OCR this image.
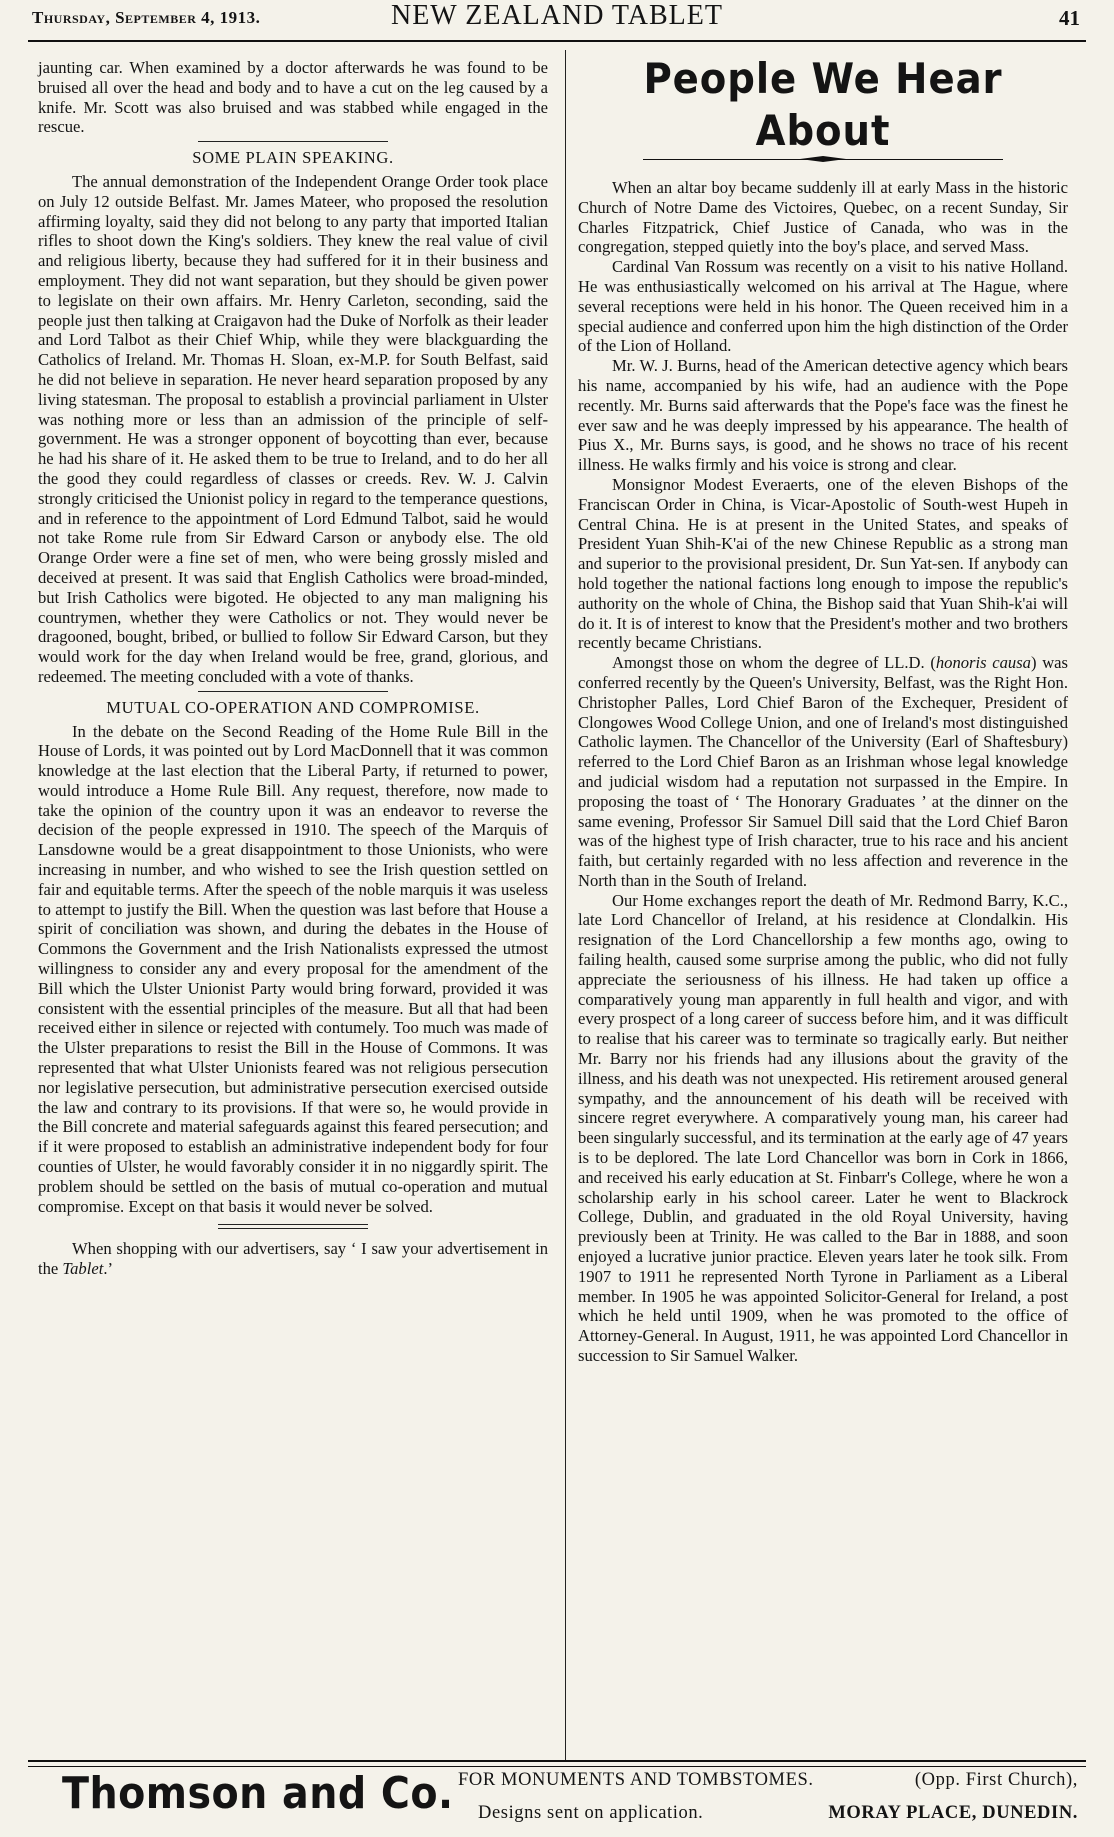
Thursday, September 4, 1913.	NEW ZEALAND TABLET	41

jaunting car. When examined by a doctor afterwards he was found to be bruised all over the head and body and to have a cut on the leg caused by a knife. Mr. Scott was also bruised and was stabbed while engaged in the rescue.

SOME PLAIN SPEAKING.

The annual demonstration of the Independent Orange Order took place on July 12 outside Belfast. Mr. James Mateer, who proposed the resolution affirming loyalty, said they did not belong to any party that imported Italian rifles to shoot down the King's soldiers. They knew the real value of civil and religious liberty, because they had suffered for it in their business and employment. They did not want separation, but they should be given power to legislate on their own affairs. Mr. Henry Carleton, seconding, said the people just then talking at Craigavon had the Duke of Norfolk as their leader and Lord Talbot as their Chief Whip, while they were blackguarding the Catholics of Ireland. Mr. Thomas H. Sloan, ex-M.P. for South Belfast, said he did not believe in separation. He never heard separation proposed by any living statesman. The proposal to establish a provincial parliament in Ulster was nothing more or less than an admission of the principle of self-government. He was a stronger opponent of boycotting than ever, because he had his share of it. He asked them to be true to Ireland, and to do her all the good they could regardless of classes or creeds. Rev. W. J. Calvin strongly criticised the Unionist policy in regard to the temperance questions, and in reference to the appointment of Lord Edmund Talbot, said he would not take Rome rule from Sir Edward Carson or anybody else. The old Orange Order were a fine set of men, who were being grossly misled and deceived at present. It was said that English Catholics were broad-minded, but Irish Catholics were bigoted. He objected to any man maligning his countrymen, whether they were Catholics or not. They would never be dragooned, bought, bribed, or bullied to follow Sir Edward Carson, but they would work for the day when Ireland would be free, grand, glorious, and redeemed. The meeting concluded with a vote of thanks.

MUTUAL CO-OPERATION AND COMPROMISE.

In the debate on the Second Reading of the Home Rule Bill in the House of Lords, it was pointed out by Lord MacDonnell that it was common knowledge at the last election that the Liberal Party, if returned to power, would introduce a Home Rule Bill. Any request, therefore, now made to take the opinion of the country upon it was an endeavor to reverse the decision of the people expressed in 1910. The speech of the Marquis of Lansdowne would be a great disappointment to those Unionists, who were increasing in number, and who wished to see the Irish question settled on fair and equitable terms. After the speech of the noble marquis it was useless to attempt to justify the Bill. When the question was last before that House a spirit of conciliation was shown, and during the debates in the House of Commons the Government and the Irish Nationalists expressed the utmost willingness to consider any and every proposal for the amendment of the Bill which the Ulster Unionist Party would bring forward, provided it was consistent with the essential principles of the measure. But all that had been received either in silence or rejected with contumely. Too much was made of the Ulster preparations to resist the Bill in the House of Commons. It was represented that what Ulster Unionists feared was not religious persecution nor legislative persecution, but administrative persecution exercised outside the law and contrary to its provisions. If that were so, he would provide in the Bill concrete and material safeguards against this feared persecution; and if it were proposed to establish an administrative independent body for four counties of Ulster, he would favorably consider it in no niggardly spirit. The problem should be settled on the basis of mutual co-operation and mutual compromise. Except on that basis it would never be solved.

When shopping with our advertisers, say ‘ I saw your advertisement in the Tablet.’

People We Hear About

When an altar boy became suddenly ill at early Mass in the historic Church of Notre Dame des Victoires, Quebec, on a recent Sunday, Sir Charles Fitzpatrick, Chief Justice of Canada, who was in the congregation, stepped quietly into the boy's place, and served Mass.

Cardinal Van Rossum was recently on a visit to his native Holland. He was enthusiastically welcomed on his arrival at The Hague, where several receptions were held in his honor. The Queen received him in a special audience and conferred upon him the high distinction of the Order of the Lion of Holland.

Mr. W. J. Burns, head of the American detective agency which bears his name, accompanied by his wife, had an audience with the Pope recently. Mr. Burns said afterwards that the Pope's face was the finest he ever saw and he was deeply impressed by his appearance. The health of Pius X., Mr. Burns says, is good, and he shows no trace of his recent illness. He walks firmly and his voice is strong and clear.

Monsignor Modest Everaerts, one of the eleven Bishops of the Franciscan Order in China, is Vicar-Apostolic of South-west Hupeh in Central China. He is at present in the United States, and speaks of President Yuan Shih-K'ai of the new Chinese Republic as a strong man and superior to the provisional president, Dr. Sun Yat-sen. If anybody can hold together the national factions long enough to impose the republic's authority on the whole of China, the Bishop said that Yuan Shih-k'ai will do it. It is of interest to know that the President's mother and two brothers recently became Christians.

Amongst those on whom the degree of LL.D. (honoris causa) was conferred recently by the Queen's University, Belfast, was the Right Hon. Christopher Palles, Lord Chief Baron of the Exchequer, President of Clongowes Wood College Union, and one of Ireland's most distinguished Catholic laymen. The Chancellor of the University (Earl of Shaftesbury) referred to the Lord Chief Baron as an Irishman whose legal knowledge and judicial wisdom had a reputation not surpassed in the Empire. In proposing the toast of ‘ The Honorary Graduates ’ at the dinner on the same evening, Professor Sir Samuel Dill said that the Lord Chief Baron was of the highest type of Irish character, true to his race and his ancient faith, but certainly regarded with no less affection and reverence in the North than in the South of Ireland.

Our Home exchanges report the death of Mr. Redmond Barry, K.C., late Lord Chancellor of Ireland, at his residence at Clondalkin. His resignation of the Lord Chancellorship a few months ago, owing to failing health, caused some surprise among the public, who did not fully appreciate the seriousness of his illness. He had taken up office a comparatively young man apparently in full health and vigor, and with every prospect of a long career of success before him, and it was difficult to realise that his career was to terminate so tragically early. But neither Mr. Barry nor his friends had any illusions about the gravity of the illness, and his death was not unexpected. His retirement aroused general sympathy, and the announcement of his death will be received with sincere regret everywhere. A comparatively young man, his career had been singularly successful, and its termination at the early age of 47 years is to be deplored. The late Lord Chancellor was born in Cork in 1866, and received his early education at St. Finbarr's College, where he won a scholarship early in his school career. Later he went to Blackrock College, Dublin, and graduated in the old Royal University, having previously been at Trinity. He was called to the Bar in 1888, and soon enjoyed a lucrative junior practice. Eleven years later he took silk. From 1907 to 1911 he represented North Tyrone in Parliament as a Liberal member. In 1905 he was appointed Solicitor-General for Ireland, a post which he held until 1909, when he was promoted to the office of Attorney-General. In August, 1911, he was appointed Lord Chancellor in succession to Sir Samuel Walker.

Thomson and Co. FOR MONUMENTS AND TOMBSTOMES.	(Opp. First Church),
Designs sent on application.	MORAY PLACE, DUNEDIN.
